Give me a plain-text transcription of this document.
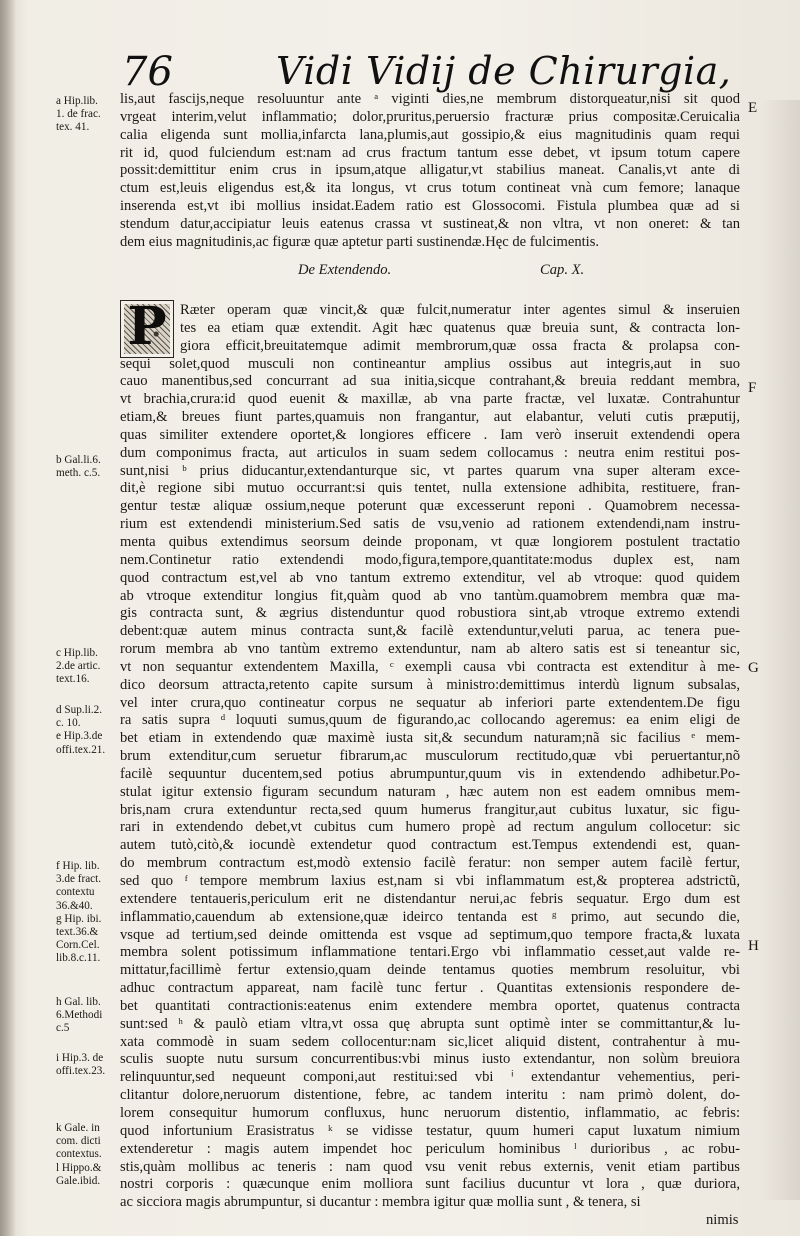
76	Vidi Vidij de Chirurgia,
lis,aut fascijs,neque resoluuntur ante ᵃ viginti dies,ne membrum distorqueatur,nisi sit quod
vrgeat interim,velut inflammatio; dolor,pruritus,peruersio fracturæ prius compositæ.Ceruicalia
calia eligenda sunt mollia,infarcta lana,plumis,aut gossipio,& eius magnitudinis quam requi
rit id, quod fulciendum est:nam ad crus fractum tantum esse debet, vt ipsum totum capere
possit:demittitur enim crus in ipsum,atque alligatur,vt stabilius maneat. Canalis,vt ante di
ctum est,leuis eligendus est,& ita longus, vt crus totum contineat vnà cum femore; lanaque
inserenda est,vt ibi mollius insidat.Eadem ratio est Glossocomi. Fistula plumbea quæ ad si
stendum datur,accipiatur leuis eatenus crassa vt sustineat,& non vltra, vt non oneret: & tan
dem eius magnitudinis,ac figuræ quæ aptetur parti sustinendæ.Hęc de fulcimentis.
De Extendendo.	Cap. X.
P Ræter operam quæ vincit,& quæ fulcit,numeratur inter agentes simul & inseruien
tes ea etiam quæ extendit. Agit hæc quatenus quæ breuia sunt, & contracta lon-
giora efficit,breuitatemque adimit membrorum,quæ ossa fracta & prolapsa con-
sequi solet,quod musculi non contineantur amplius ossibus aut integris,aut in suo
cauo manentibus,sed concurrant ad sua initia,sicque contrahant,& breuia reddant membra,
vt brachia,crura:id quod euenit & maxillæ, ab vna parte fractæ, vel luxatæ. Contrahuntur
etiam,& breues fiunt partes,quamuis non frangantur, aut elabantur, veluti cutis præputij,
quas similiter extendere oportet,& longiores efficere . Iam verò inseruit extendendi opera
dum componimus fracta, aut articulos in suam sedem collocamus : neutra enim restitui pos-
sunt,nisi ᵇ prius diducantur,extendanturque sic, vt partes quarum vna super alteram exce-
dit,è regione sibi mutuo occurrant:si quis tentet, nulla extensione adhibita, restituere, fran-
gentur testæ aliquæ ossium,neque poterunt quæ excesserunt reponi . Quamobrem necessa-
rium est extendendi ministerium.Sed satis de vsu,venio ad rationem extendendi,nam instru-
menta quibus extendimus seorsum deinde proponam, vt quæ longiorem postulent tractatio
nem.Continetur ratio extendendi modo,figura,tempore,quantitate:modus duplex est, nam
quod contractum est,vel ab vno tantum extremo extenditur, vel ab vtroque: quod quidem
ab vtroque extenditur longius fit,quàm quod ab vno tantùm.quamobrem membra quæ ma-
gis contracta sunt, & ægrius distenduntur quod robustiora sint,ab vtroque extremo extendi
debent:quæ autem minus contracta sunt,& facilè extenduntur,veluti parua, ac tenera pue-
rorum membra ab vno tantùm extremo extenduntur, nam ab altero satis est si teneantur sic,
vt non sequantur extendentem Maxilla, ᶜ exempli causa vbi contracta est extenditur à me-
dico deorsum attracta,retento capite sursum à ministro:demittimus interdù lignum subsalas,
vel inter crura,quo contineatur corpus ne sequatur ab inferiori parte extendentem.De figu
ra satis supra ᵈ loquuti sumus,quum de figurando,ac collocando ageremus: ea enim eligi de
bet etiam in extendendo quæ maximè iusta sit,& secundum naturam;nã sic facilius ᵉ mem-
brum extenditur,cum seruetur fibrarum,ac musculorum rectitudo,quæ vbi peruertantur,nõ
facilè sequuntur ducentem,sed potius abrumpuntur,quum vis in extendendo adhibetur.Po-
stulat igitur extensio figuram secundum naturam , hæc autem non est eadem omnibus mem-
bris,nam crura extenduntur recta,sed quum humerus frangitur,aut cubitus luxatur, sic figu-
rari in extendendo debet,vt cubitus cum humero propè ad rectum angulum collocetur: sic
autem tutò,citò,& iocundè extendetur quod contractum est.Tempus extendendi est, quan-
do membrum contractum est,modò extensio facilè feratur: non semper autem facilè fertur,
sed quo ᶠ tempore membrum laxius est,nam si vbi inflammatum est,& propterea adstrictũ,
extendere tentaueris,periculum erit ne distendantur nerui,ac febris sequatur. Ergo dum est
inflammatio,cauendum ab extensione,quæ ideirco tentanda est ᵍ primo, aut secundo die,
vsque ad tertium,sed deinde omittenda est vsque ad septimum,quo tempore fracta,& luxata
membra solent potissimum inflammatione tentari.Ergo vbi inflammatio cesset,aut valde re-
mittatur,facillimè fertur extensio,quam deinde tentamus quoties membrum resoluitur, vbi
adhuc contractum appareat, nam facilè tunc fertur . Quantitas extensionis respondere de-
bet quantitati contractionis:eatenus enim extendere membra oportet, quatenus contracta
sunt:sed ʰ & paulò etiam vltra,vt ossa quę abrupta sunt optimè inter se committantur,& lu-
xata commodè in suam sedem collocentur:nam sic,licet aliquid distent, contrahentur à mu-
sculis suopte nutu sursum concurrentibus:vbi minus iusto extendantur, non solùm breuiora
relinquuntur,sed nequeunt componi,aut restitui:sed vbi ⁱ extendantur vehementius, peri-
clitantur dolore,neruorum distentione, febre, ac tandem interitu : nam primò dolent, do-
lorem consequitur humorum confluxus, hunc neruorum distentio, inflammatio, ac febris:
quod infortunium Erasistratus ᵏ se vidisse testatur, quum humeri caput luxatum nimium
extenderetur : magis autem impendet hoc periculum hominibus ˡ durioribus , ac robu-
stis,quàm mollibus ac teneris : nam quod vsu venit rebus externis, venit etiam partibus
nostri corporis : quæcunque enim molliora sunt facilius ducuntur vt lora , quæ duriora,
ac sicciora magis abrumpuntur, si ducantur : membra igitur quæ mollia sunt , & tenera, si
a Hip.lib.
1. de frac.
tex. 41.
b Gal.li.6.
meth. c.5.
c Hip.lib.
2.de artic.
text.16.
d Sup.li.2.
c. 10.
e Hip.3.de
offi.tex.21.
f Hip. lib.
3.de fract.
contextu
36.&40.
g Hip. ibi.
text.36.&
Corn.Cel.
lib.8.c.11.
h Gal. lib.
6.Methodi
c.5
i Hip.3. de
offi.tex.23.
k Gale. in
com. dicti
contextus.
l Hippo.&
Gale.ibid.
E
F
G
H
nimis
